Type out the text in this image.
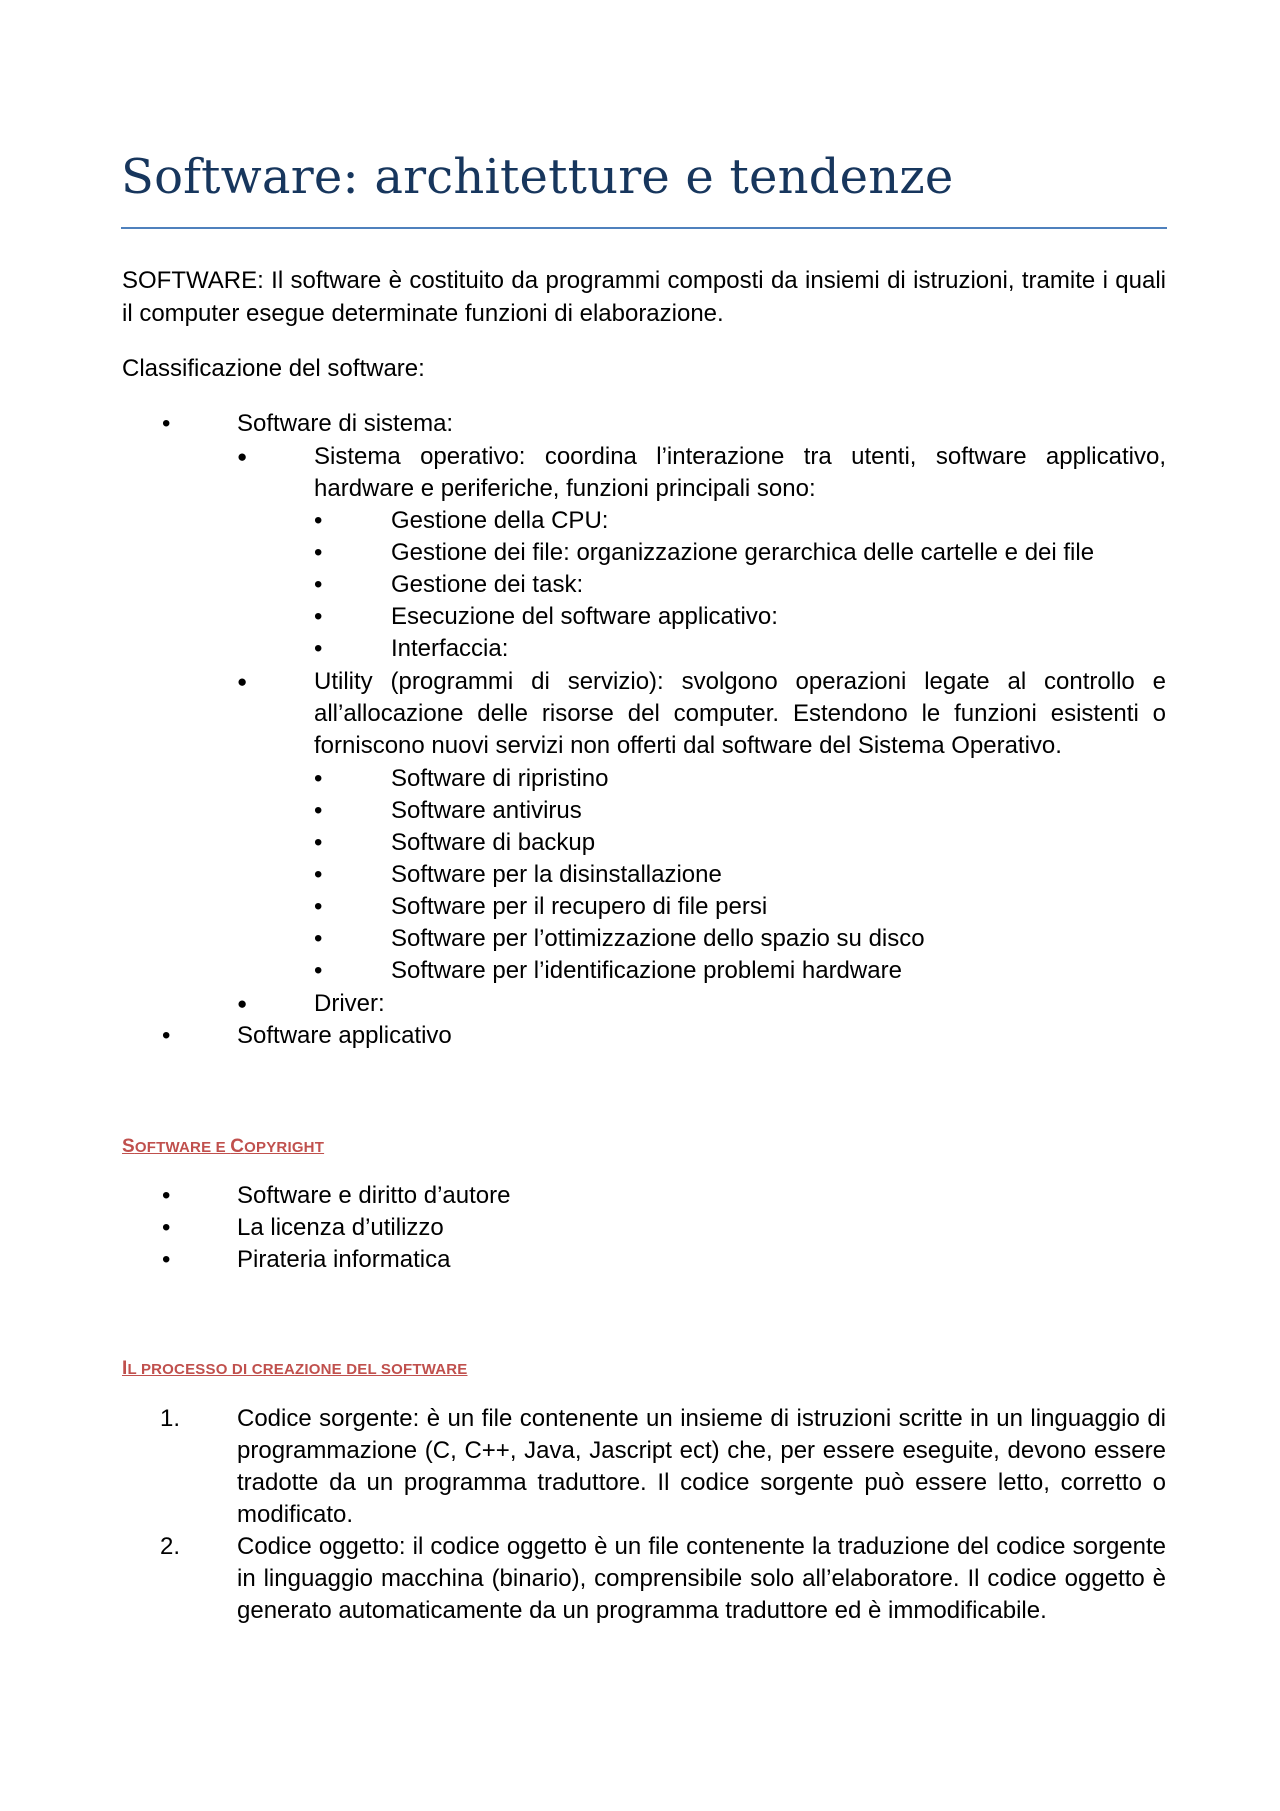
Software: architetture e tendenze

SOFTWARE: Il software è costituito da programmi composti da insiemi di istruzioni, tramite i quali il computer esegue determinate funzioni di elaborazione.

Classificazione del software:

•	Software di sistema:
●	Sistema operativo: coordina l’interazione tra utenti, software applicativo, hardware e periferiche, funzioni principali sono:
•	Gestione della CPU:
•	Gestione dei file: organizzazione gerarchica delle cartelle e dei file
•	Gestione dei task:
•	Esecuzione del software applicativo:
•	Interfaccia:
●	Utility (programmi di servizio): svolgono operazioni legate al controllo e all’allocazione delle risorse del computer. Estendono le funzioni esistenti o forniscono nuovi servizi non offerti dal software del Sistema Operativo.
•	Software di ripristino
•	Software antivirus
•	Software di backup
•	Software per la disinstallazione
•	Software per il recupero di file persi
•	Software per l’ottimizzazione dello spazio su disco
•	Software per l’identificazione problemi hardware
●	Driver:
•	Software applicativo
SOFTWARE E COPYRIGHT
•	Software e diritto d’autore
•	La licenza d’utilizzo
•	Pirateria informatica
IL PROCESSO DI CREAZIONE DEL SOFTWARE
1. Codice sorgente: è un file contenente un insieme di istruzioni scritte in un linguaggio di programmazione (C, C++, Java, Jascript ect) che, per essere eseguite, devono essere tradotte da un programma traduttore. Il codice sorgente può essere letto, corretto o modificato.
2. Codice oggetto: il codice oggetto è un file contenente la traduzione del codice sorgente in linguaggio macchina (binario), comprensibile solo all’elaboratore. Il codice oggetto è generato automaticamente da un programma traduttore ed è immodificabile.
